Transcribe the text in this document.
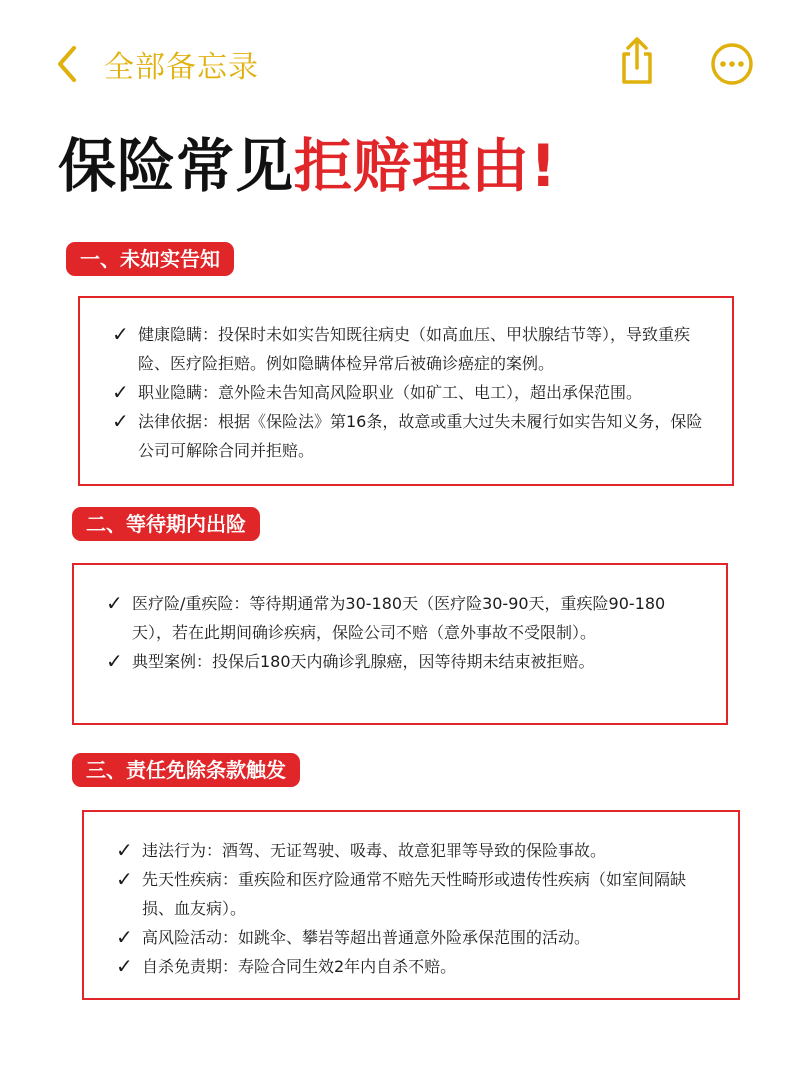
全部备忘录
保险常见拒赔理由!
一、未如实告知
✓ 健康隐瞒：投保时未如实告知既往病史（如高血压、甲状腺结节等），导致重疾险、医疗险拒赔。例如隐瞒体检异常后被确诊癌症的案例。
✓ 职业隐瞒：意外险未告知高风险职业（如矿工、电工），超出承保范围。
✓ 法律依据：根据《保险法》第16条，故意或重大过失未履行如实告知义务，保险公司可解除合同并拒赔。
二、等待期内出险
✓ 医疗险/重疾险：等待期通常为30-180天（医疗险30-90天，重疾险90-180天），若在此期间确诊疾病，保险公司不赔（意外事故不受限制）。
✓ 典型案例：投保后180天内确诊乳腺癌，因等待期未结束被拒赔。
三、责任免除条款触发
✓ 违法行为：酒驾、无证驾驶、吸毒、故意犯罪等导致的保险事故。
✓ 先天性疾病：重疾险和医疗险通常不赔先天性畸形或遗传性疾病（如室间隔缺损、血友病）。
✓ 高风险活动：如跳伞、攀岩等超出普通意外险承保范围的活动。
✓ 自杀免责期：寿险合同生效2年内自杀不赔。
